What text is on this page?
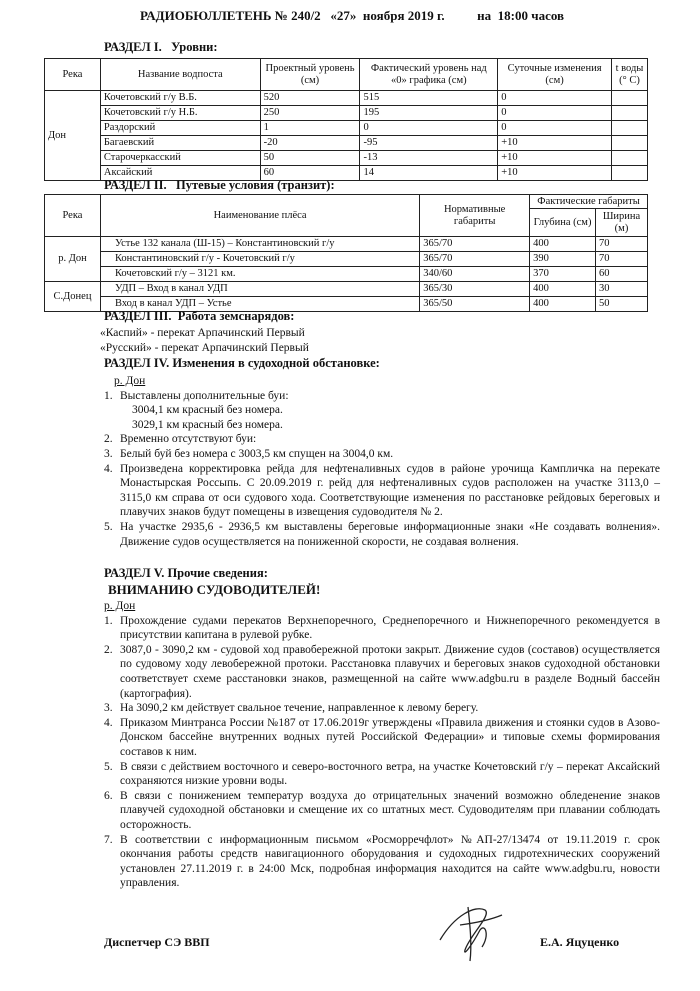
РАДИОБЮЛЛЕТЕНЬ № 240/2   «27»  ноября 2019 г.          на  18:00 часов
РАЗДЕЛ I.   Уровни:
Река	Название водпоста	Проектный уровень (см)	Фактический уровень над «0» графика (см)	Суточные изменения (см)	t воды (° С)
Дон	Кочетовский г/у В.Б.	520	515	0	
	Кочетовский г/у Н.Б.	250	195	0	
	Раздорский	1	0	0	
	Багаевский	-20	-95	+10	
	Старочеркасский	50	-13	+10	
	Аксайский	60	14	+10	
РАЗДЕЛ II.   Путевые условия (транзит):
Река	Наименование плёса	Нормативные габариты	Фактические габариты	
			Глубина (см)	Ширина (м)
р. Дон	Устье 132 канала (Ш-15) – Константиновский г/у	365/70	400	70
	Константиновский г/у - Кочетовский г/у	365/70	390	70
	Кочетовский г/у – 3121 км.	340/60	370	60
С.Донец	УДП – Вход в канал УДП	365/30	400	30
	Вход в канал УДП – Устье	365/50	400	50
РАЗДЕЛ III.  Работа земснарядов:

«Каспий» - перекат Арпачинский Первый

«Русский» - перекат Арпачинский Первый

РАЗДЕЛ IV. Изменения в судоходной обстановке:

р. Дон

1. Выставлены дополнительные буи:

3004,1 км красный без номера.

3029,1 км красный без номера.

2. Временно отсутствуют буи:

3. Белый буй без номера с 3003,5 км спущен на 3004,0 км.

4. Произведена корректировка рейда для нефтеналивных судов в районе урочища Кампличка на перекате Монастырская Россыпь. С 20.09.2019 г. рейд для нефтеналивных судов расположен на участке 3113,0 – 3115,0 км справа от оси судового хода. Соответствующие изменения по расстановке рейдовых береговых и плавучих знаков будут помещены в извещения судоводителя № 2.

5. На участке 2935,6 - 2936,5 км выставлены береговые информационные знаки «Не создавать волнения». Движение судов осуществляется на пониженной скорости, не создавая волнения.

РАЗДЕЛ V. Прочие сведения:
ВНИМАНИЮ СУДОВОДИТЕЛЕЙ!

р. Дон

1. Прохождение судами перекатов Верхнепоречного, Среднепоречного и Нижнепоречного рекомендуется в присутствии капитана в рулевой рубке.

2. 3087,0 - 3090,2 км - судовой ход правобережной протоки закрыт. Движение судов (составов) осуществляется по судовому ходу левобережной протоки. Расстановка плавучих и береговых знаков судоходной обстановки соответствует схеме расстановки знаков, размещенной на сайте www.adgbu.ru в разделе Водный бассейн (картография).

3. На 3090,2 км действует свальное течение, направленное к левому берегу.

4. Приказом Минтранса России №187 от 17.06.2019г утверждены «Правила движения и стоянки судов в Азово-Донском бассейне внутренних водных путей Российской Федерации» и типовые схемы формирования составов к ним.

5. В связи с действием восточного и северо-восточного ветра, на участке Кочетовский г/у – перекат Аксайский сохраняются низкие уровни воды.

6. В связи с понижением температур воздуха до отрицательных значений возможно обледенение знаков плавучей судоходной обстановки и смещение их со штатных мест. Судоводителям при плавании соблюдать осторожность.

7. В соответствии с информационным письмом «Росморречфлот» №АП-27/13474 от 19.11.2019 г. срок окончания работы средств навигационного оборудования и судоходных гидротехнических сооружений установлен 27.11.2019 г. в 24:00 Мск, подробная информация находится на сайте www.adgbu.ru, новости управления.

Диспетчер СЭ ВВП	Е.А. Яцуценко
